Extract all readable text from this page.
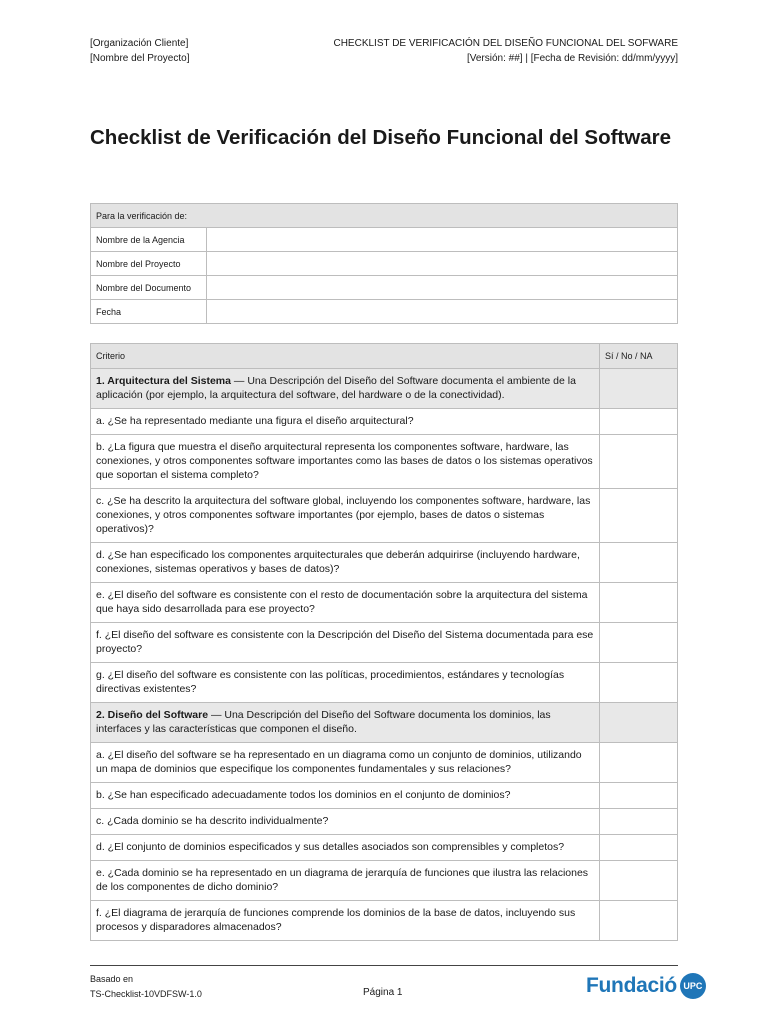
[Organización Cliente]
[Nombre del Proyecto]
CHECKLIST DE VERIFICACIÓN DEL DISEÑO FUNCIONAL DEL SOFWARE
[Versión: ##] | [Fecha de Revisión: dd/mm/yyyy]
Checklist de Verificación del Diseño Funcional del Software
Para la verificación de:	
Nombre de la Agencia	
Nombre del Proyecto	
Nombre del Documento	
Fecha	
Criterio	Sí / No / NA
1. Arquitectura del Sistema — Una Descripción del Diseño del Software documenta el ambiente de la aplicación (por ejemplo, la arquitectura del software, del hardware o de la conectividad).	
a. ¿Se ha representado mediante una figura el diseño arquitectural?	
b. ¿La figura que muestra el diseño arquitectural representa los componentes software, hardware, las conexiones, y otros componentes software importantes como las bases de datos o los sistemas operativos que soportan el sistema completo?	
c. ¿Se ha descrito la arquitectura del software global, incluyendo los componentes software, hardware, las conexiones, y otros componentes software importantes (por ejemplo, bases de datos o sistemas operativos)?	
d. ¿Se han especificado los componentes arquitecturales que deberán adquirirse (incluyendo hardware, conexiones, sistemas operativos y bases de datos)?	
e. ¿El diseño del software es consistente con el resto de documentación sobre la arquitectura del sistema que haya sido desarrollada para ese proyecto?	
f. ¿El diseño del software es consistente con la Descripción del Diseño del Sistema documentada para ese proyecto?	
g. ¿El diseño del software es consistente con las políticas, procedimientos, estándares y tecnologías directivas existentes?	
2. Diseño del Software — Una Descripción del Diseño del Software documenta los dominios, las interfaces y las características que componen el diseño.	
a. ¿El diseño del software se ha representado en un diagrama como un conjunto de dominios, utilizando un mapa de dominios que especifique los componentes fundamentales y sus relaciones?	
b. ¿Se han especificado adecuadamente todos los dominios en el conjunto de dominios?	
c. ¿Cada dominio se ha descrito individualmente?	
d. ¿El conjunto de dominios especificados y sus detalles asociados son comprensibles y completos?	
e. ¿Cada dominio se ha representado en un diagrama de jerarquía de funciones que ilustra las relaciones de los componentes de dicho dominio?	
f. ¿El diagrama de jerarquía de funciones comprende los dominios de la base de datos, incluyendo sus procesos y disparadores almacenados?	
Basado en
TS-Checklist-10VDFSW-1.0	Página 1	Fundació UPC
